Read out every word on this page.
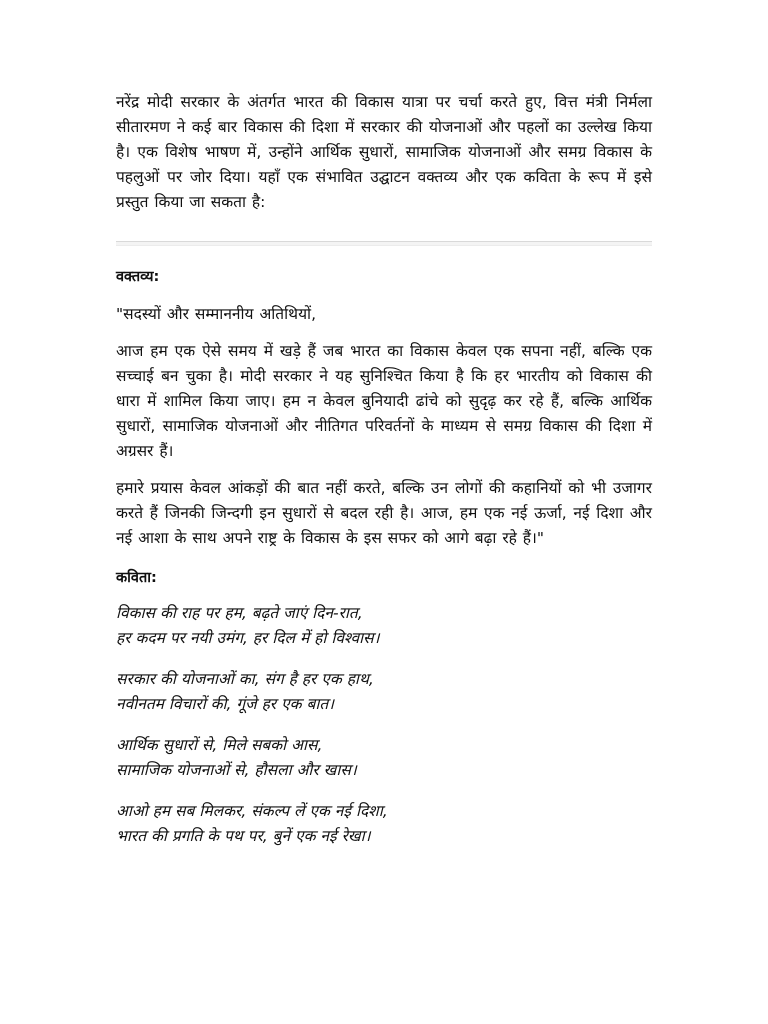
नरेंद्र मोदी सरकार के अंतर्गत भारत की विकास यात्रा पर चर्चा करते हुए, वित्त मंत्री निर्मला सीतारमण ने कई बार विकास की दिशा में सरकार की योजनाओं और पहलों का उल्लेख किया है। एक विशेष भाषण में, उन्होंने आर्थिक सुधारों, सामाजिक योजनाओं और समग्र विकास के पहलुओं पर जोर दिया। यहाँ एक संभावित उद्घाटन वक्तव्य और एक कविता के रूप में इसे प्रस्तुत किया जा सकता है:

वक्तव्य:

"सदस्यों और सम्माननीय अतिथियों,

आज हम एक ऐसे समय में खड़े हैं जब भारत का विकास केवल एक सपना नहीं, बल्कि एक सच्चाई बन चुका है। मोदी सरकार ने यह सुनिश्चित किया है कि हर भारतीय को विकास की धारा में शामिल किया जाए। हम न केवल बुनियादी ढांचे को सुदृढ़ कर रहे हैं, बल्कि आर्थिक सुधारों, सामाजिक योजनाओं और नीतिगत परिवर्तनों के माध्यम से समग्र विकास की दिशा में अग्रसर हैं।

हमारे प्रयास केवल आंकड़ों की बात नहीं करते, बल्कि उन लोगों की कहानियों को भी उजागर करते हैं जिनकी जिन्दगी इन सुधारों से बदल रही है। आज, हम एक नई ऊर्जा, नई दिशा और नई आशा के साथ अपने राष्ट्र के विकास के इस सफर को आगे बढ़ा रहे हैं।"

कविता:

विकास की राह पर हम, बढ़ते जाएं दिन-रात,

हर कदम पर नयी उमंग, हर दिल में हो विश्वास।

सरकार की योजनाओं का, संग है हर एक हाथ,

नवीनतम विचारों की, गूंजे हर एक बात।

आर्थिक सुधारों से, मिले सबको आस,

सामाजिक योजनाओं से, हौसला और खास।

आओ हम सब मिलकर, संकल्प लें एक नई दिशा,

भारत की प्रगति के पथ पर, बुनें एक नई रेखा।
